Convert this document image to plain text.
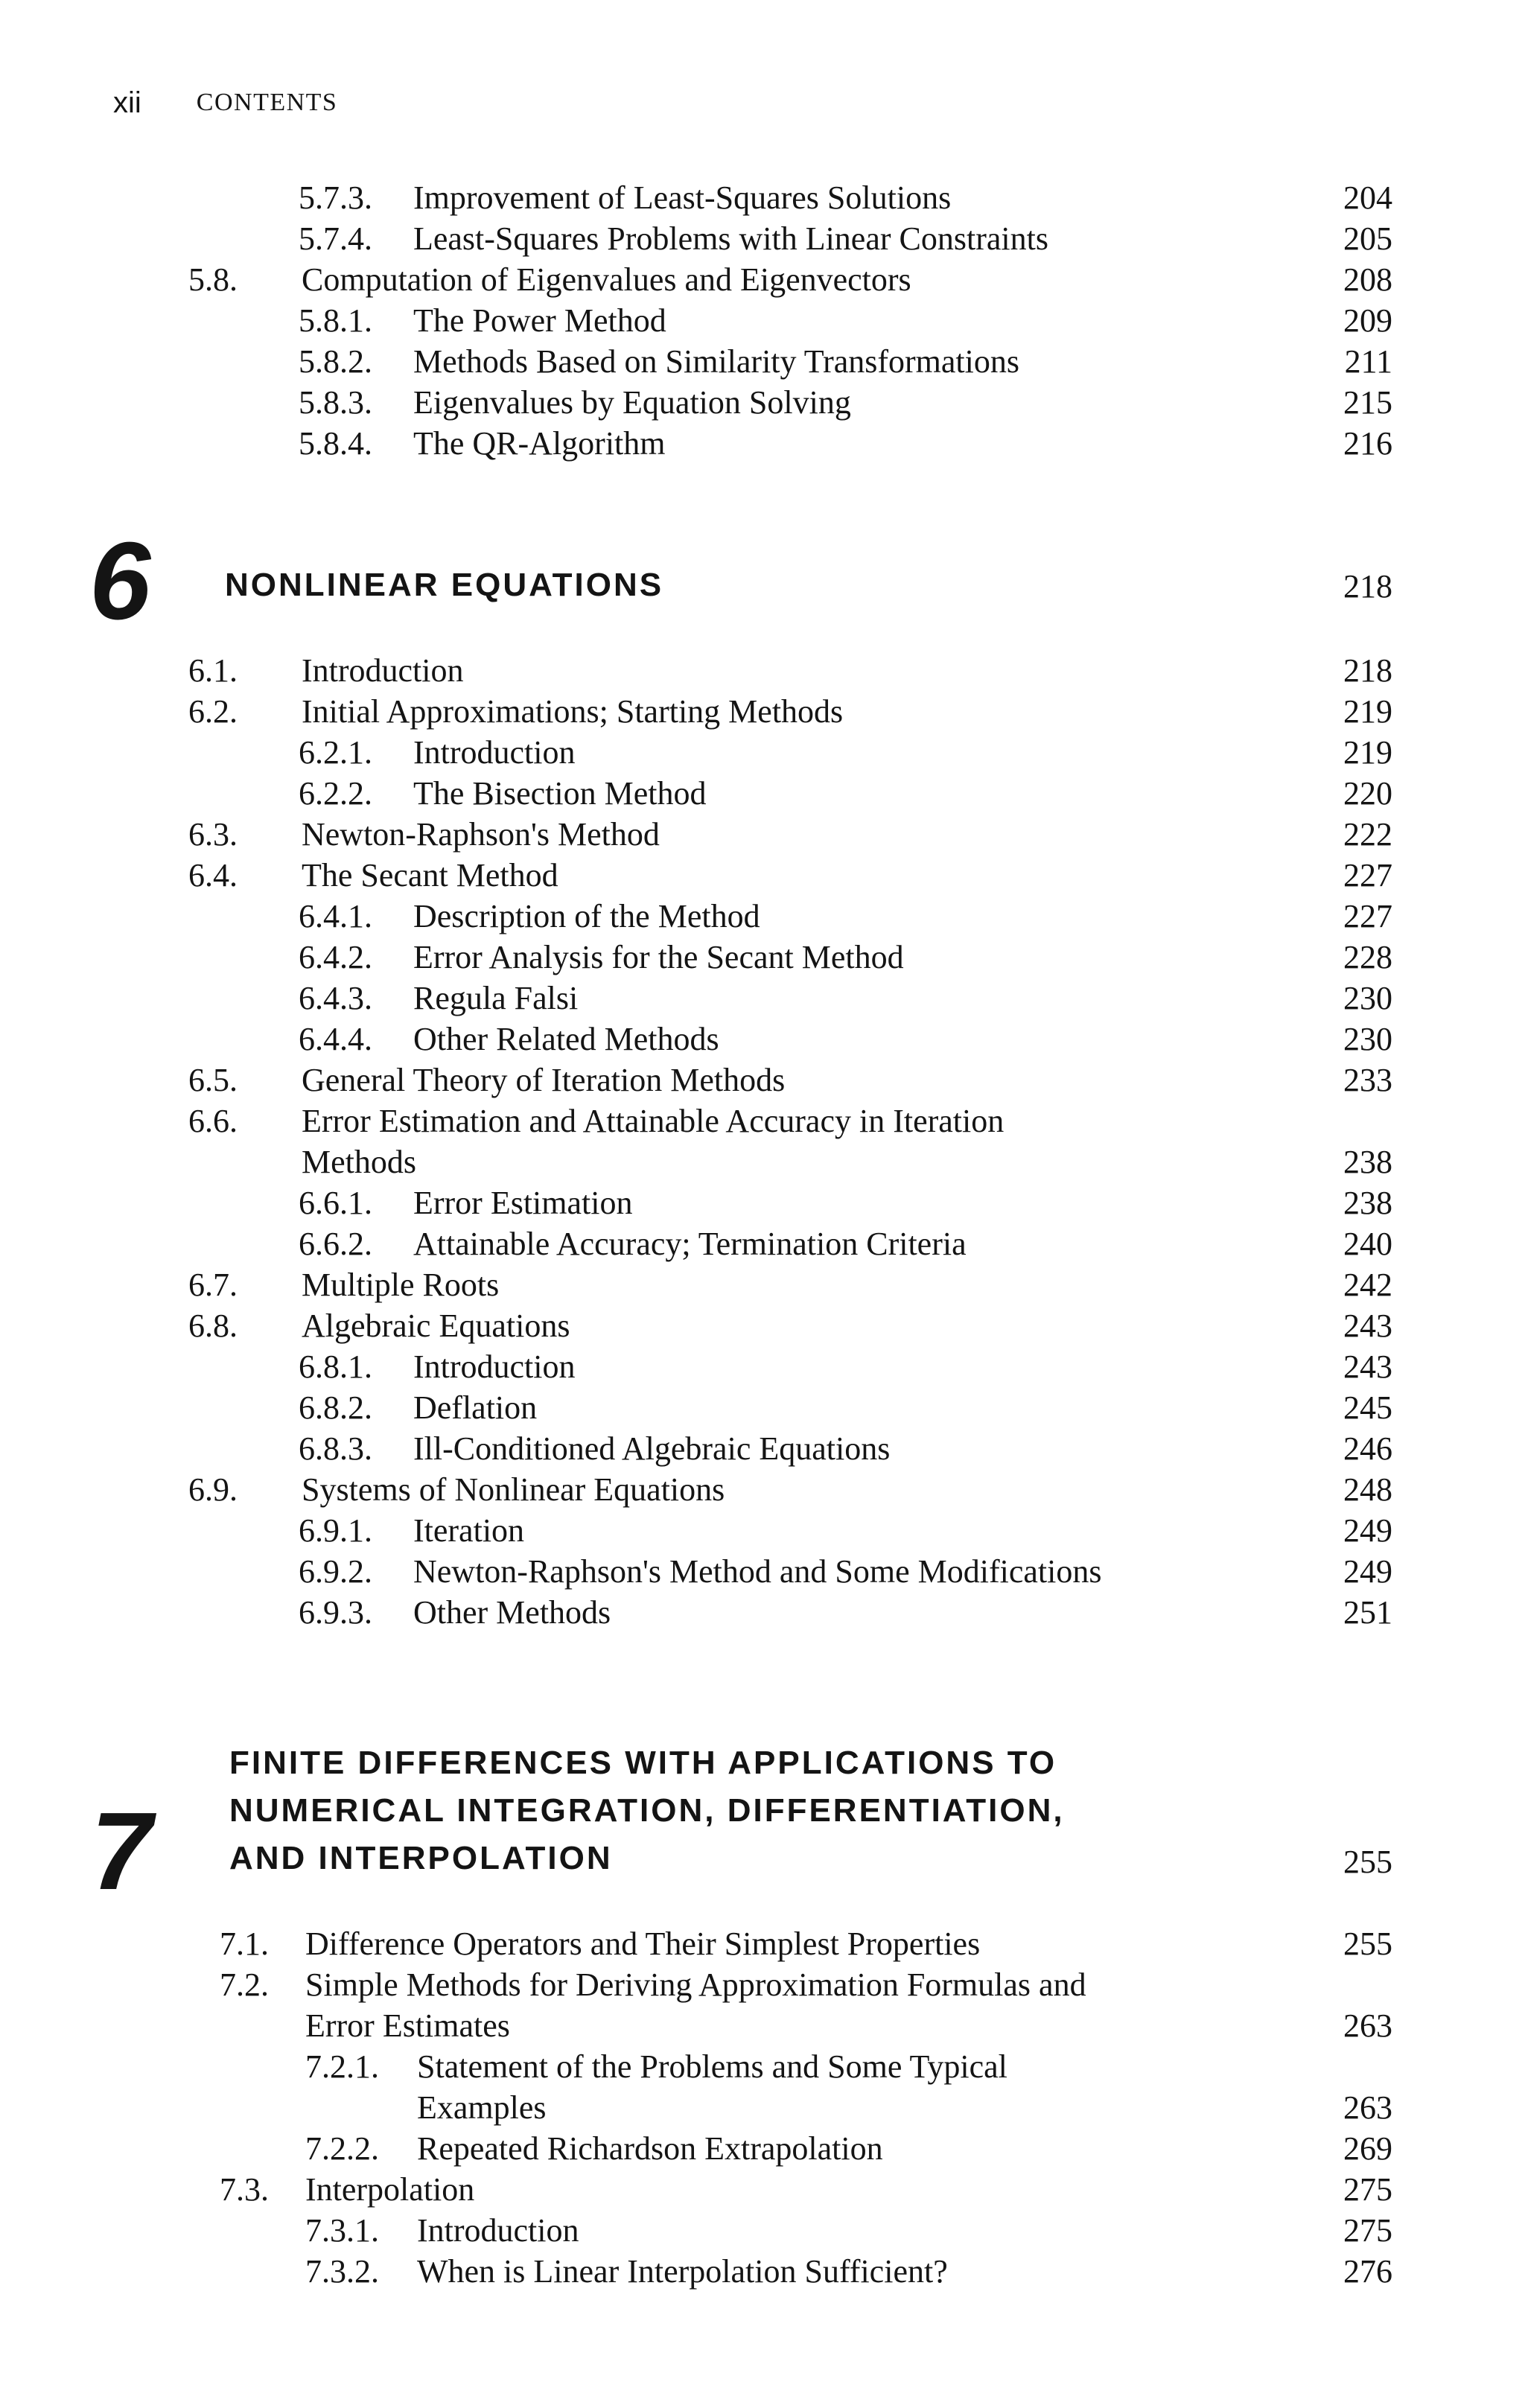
xii CONTENTS
5.7.3. Improvement of Least-Squares Solutions	204
5.7.4. Least-Squares Problems with Linear Constraints	205
5.8. Computation of Eigenvalues and Eigenvectors	208
5.8.1. The Power Method	209
5.8.2. Methods Based on Similarity Transformations	211
5.8.3. Eigenvalues by Equation Solving	215
5.8.4. The QR-Algorithm	216
6 NONLINEAR EQUATIONS	218
6.1. Introduction	218
6.2. Initial Approximations; Starting Methods	219
6.2.1. Introduction	219
6.2.2. The Bisection Method	220
6.3. Newton-Raphson's Method	222
6.4. The Secant Method	227
6.4.1. Description of the Method	227
6.4.2. Error Analysis for the Secant Method	228
6.4.3. Regula Falsi	230
6.4.4. Other Related Methods	230
6.5. General Theory of Iteration Methods	233
6.6. Error Estimation and Attainable Accuracy in Iteration
Methods	238
6.6.1. Error Estimation	238
6.6.2. Attainable Accuracy; Termination Criteria	240
6.7. Multiple Roots	242
6.8. Algebraic Equations	243
6.8.1. Introduction	243
6.8.2. Deflation	245
6.8.3. Ill-Conditioned Algebraic Equations	246
6.9. Systems of Nonlinear Equations	248
6.9.1. Iteration	249
6.9.2. Newton-Raphson's Method and Some Modifications	249
6.9.3. Other Methods	251
7
FINITE DIFFERENCES WITH APPLICATIONS TO
NUMERICAL INTEGRATION, DIFFERENTIATION,
AND INTERPOLATION	255
7.1. Difference Operators and Their Simplest Properties	255
7.2. Simple Methods for Deriving Approximation Formulas and
Error Estimates	263
7.2.1. Statement of the Problems and Some Typical
Examples	263
7.2.2. Repeated Richardson Extrapolation	269
7.3. Interpolation	275
7.3.1. Introduction	275
7.3.2. When is Linear Interpolation Sufficient?	276
